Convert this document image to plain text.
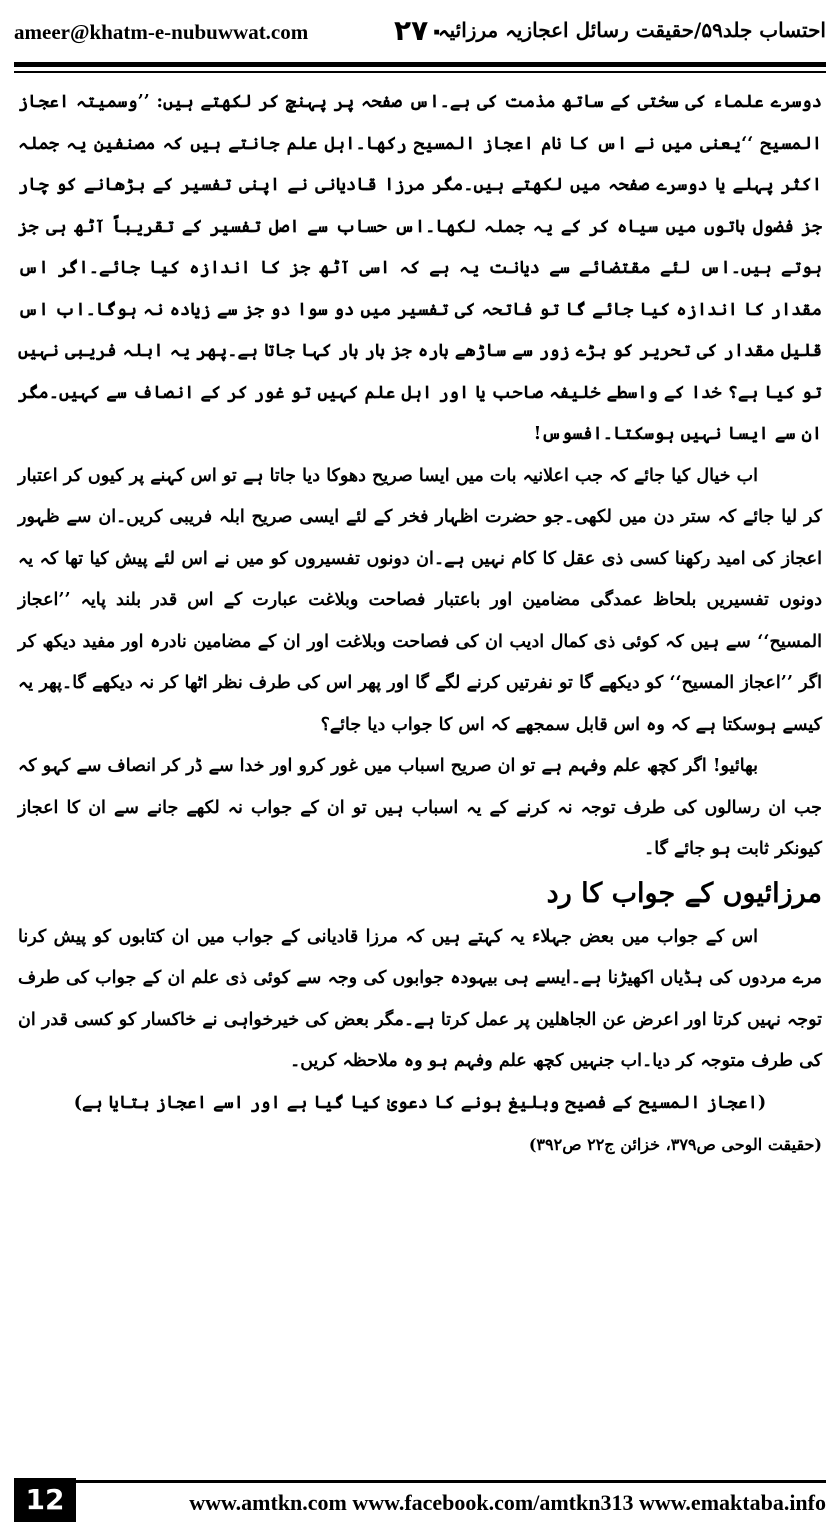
ameer@khatm-e-nubuwwat.com	۲۷۰
احتساب جلد۵۹/حقیقت رسائل اعجازیہ مرزائیہ

دوسرے علماء کی سختی کے ساتھ مذمت کی ہے۔اس صفحہ پر پہنچ کر لکھتے ہیں: ’’وسمیتہ اعجاز المسیح ‘‘یعنی میں نے اس کا نام اعجاز المسیح رکھا۔اہل علم جانتے ہیں کہ مصنفین یہ جملہ اکثر پہلے یا دوسرے صفحہ میں لکھتے ہیں۔مگر مرزا قادیانی نے اپنی تفسیر کے بڑھانے کو چار جز فضول باتوں میں سیاہ کر کے یہ جملہ لکھا۔اس حساب سے اصل تفسیر کے تقریباً آٹھ ہی جز ہوتے ہیں۔اس لئے مقتضائے سے دیانت یہ ہے کہ اسی آٹھ جز کا اندازہ کیا جائے۔اگر اس مقدار کا اندازہ کیا جائے گا تو فاتحہ کی تفسیر میں دو سوا دو جز سے زیادہ نہ ہوگا۔اب اس قلیل مقدار کی تحریر کو بڑے زور سے ساڑھے بارہ جز بار بار کہا جاتا ہے۔پھر یہ ابلہ فریبی نہیں تو کیا ہے؟ خدا کے واسطے خلیفہ صاحب یا اور اہل علم کہیں تو غور کر کے انصاف سے کہیں۔مگر ان سے ایسا نہیں ہوسکتا۔افسوس!

اب خیال کیا جائے کہ جب اعلانیہ بات میں ایسا صریح دھوکا دیا جاتا ہے تو اس کہنے پر کیوں کر اعتبار کر لیا جائے کہ ستر دن میں لکھی۔جو حضرت اظہار فخر کے لئے ایسی صریح ابلہ فریبی کریں۔ان سے ظہور اعجاز کی امید رکھنا کسی ذی عقل کا کام نہیں ہے۔ان دونوں تفسیروں کو میں نے اس لئے پیش کیا تھا کہ یہ دونوں تفسیریں بلحاظ عمدگی مضامین اور باعتبار فصاحت وبلاغت عبارت کے اس قدر بلند پایہ ’’اعجاز المسیح‘‘ سے ہیں کہ کوئی ذی کمال ادیب ان کی فصاحت وبلاغت اور ان کے مضامین نادرہ اور مفید دیکھ کر اگر ’’اعجاز المسیح‘‘ کو دیکھے گا تو نفرتیں کرنے لگے گا اور پھر اس کی طرف نظر اٹھا کر نہ دیکھے گا۔پھر یہ کیسے ہوسکتا ہے کہ وہ اس قابل سمجھے کہ اس کا جواب دیا جائے؟

بھائیو! اگر کچھ علم وفہم ہے تو ان صریح اسباب میں غور کرو اور خدا سے ڈر کر انصاف سے کہو کہ جب ان رسالوں کی طرف توجہ نہ کرنے کے یہ اسباب ہیں تو ان کے جواب نہ لکھے جانے سے ان کا اعجاز کیونکر ثابت ہو جائے گا۔

مرزائیوں کے جواب کا رد

اس کے جواب میں بعض جہلاء یہ کہتے ہیں کہ مرزا قادیانی کے جواب میں ان کتابوں کو پیش کرنا مرے مردوں کی ہڈیاں اکھیڑنا ہے۔ایسے ہی بیہودہ جوابوں کی وجہ سے کوئی ذی علم ان کے جواب کی طرف توجہ نہیں کرتا اور اعرض عن الجاھلین پر عمل کرتا ہے۔مگر بعض کی خیرخواہی نے خاکسار کو کسی قدر ان کی طرف متوجہ کر دیا۔اب جنہیں کچھ علم وفہم ہو وہ ملاحظہ کریں۔

(اعجاز المسیح کے فصیح وبلیغ ہونے کا دعویٰ کیا گیا ہے اور اسے اعجاز بتایا ہے)

(حقیقت الوحی ص۳۷۹، خزائن ج۲۲ ص۳۹۲)

12	www.amtkn.com www.facebook.com/amtkn313 www.emaktaba.info
